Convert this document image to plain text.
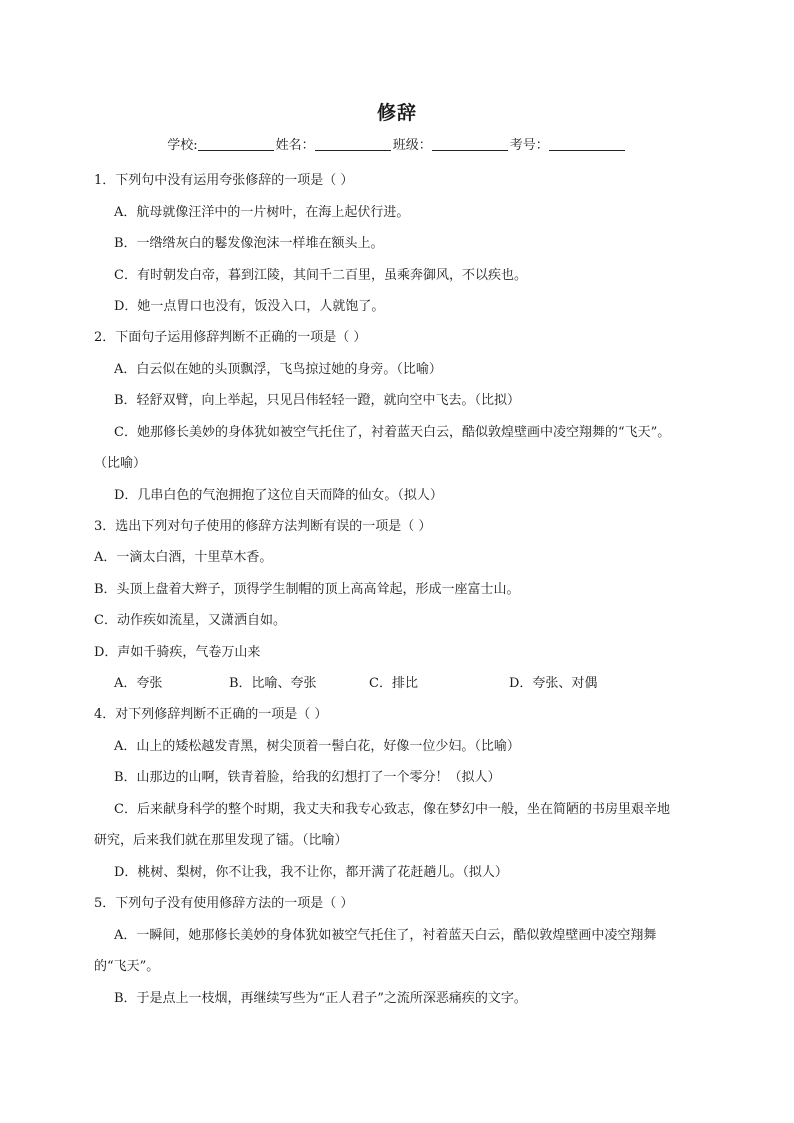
修辞
学校:	姓名：	班级：	考号：
1．下列句中没有运用夸张修辞的一项是（ ）
A．航母就像汪洋中的一片树叶，在海上起伏行进。
B．一绺绺灰白的鬈发像泡沫一样堆在额头上。
C．有时朝发白帝，暮到江陵，其间千二百里，虽乘奔御风，不以疾也。
D．她一点胃口也没有，饭没入口，人就饱了。
2．下面句子运用修辞判断不正确的一项是（ ）
A．白云似在她的头顶飘浮，飞鸟掠过她的身旁。（比喻）
B．轻舒双臂，向上举起，只见吕伟轻轻一蹬，就向空中飞去。（比拟）
C．她那修长美妙的身体犹如被空气托住了，衬着蓝天白云，酷似敦煌壁画中凌空翔舞的“飞天”。
（比喻）
D．几串白色的气泡拥抱了这位自天而降的仙女。（拟人）
3．选出下列对句子使用的修辞方法判断有误的一项是（ ）
A．一滴太白酒，十里草木香。
B．头顶上盘着大辫子，顶得学生制帽的顶上高高耸起，形成一座富士山。
C．动作疾如流星，又潇洒自如。
D．声如千骑疾，气卷万山来
A．夸张	B．比喻、夸张	C．排比	D．夸张、对偶
4．对下列修辞判断不正确的一项是（ ）
A．山上的矮松越发青黑，树尖顶着一髻白花，好像一位少妇。（比喻）
B．山那边的山啊，铁青着脸，给我的幻想打了一个零分！（拟人）
C．后来献身科学的整个时期，我丈夫和我专心致志，像在梦幻中一般，坐在简陋的书房里艰辛地
研究，后来我们就在那里发现了镭。（比喻）
D．桃树、梨树，你不让我，我不让你，都开满了花赶趟儿。（拟人）
5．下列句子没有使用修辞方法的一项是（ ）
A．一瞬间，她那修长美妙的身体犹如被空气托住了，衬着蓝天白云，酷似敦煌壁画中凌空翔舞
的“飞天”。
B．于是点上一枝烟，再继续写些为“正人君子”之流所深恶痛疾的文字。
